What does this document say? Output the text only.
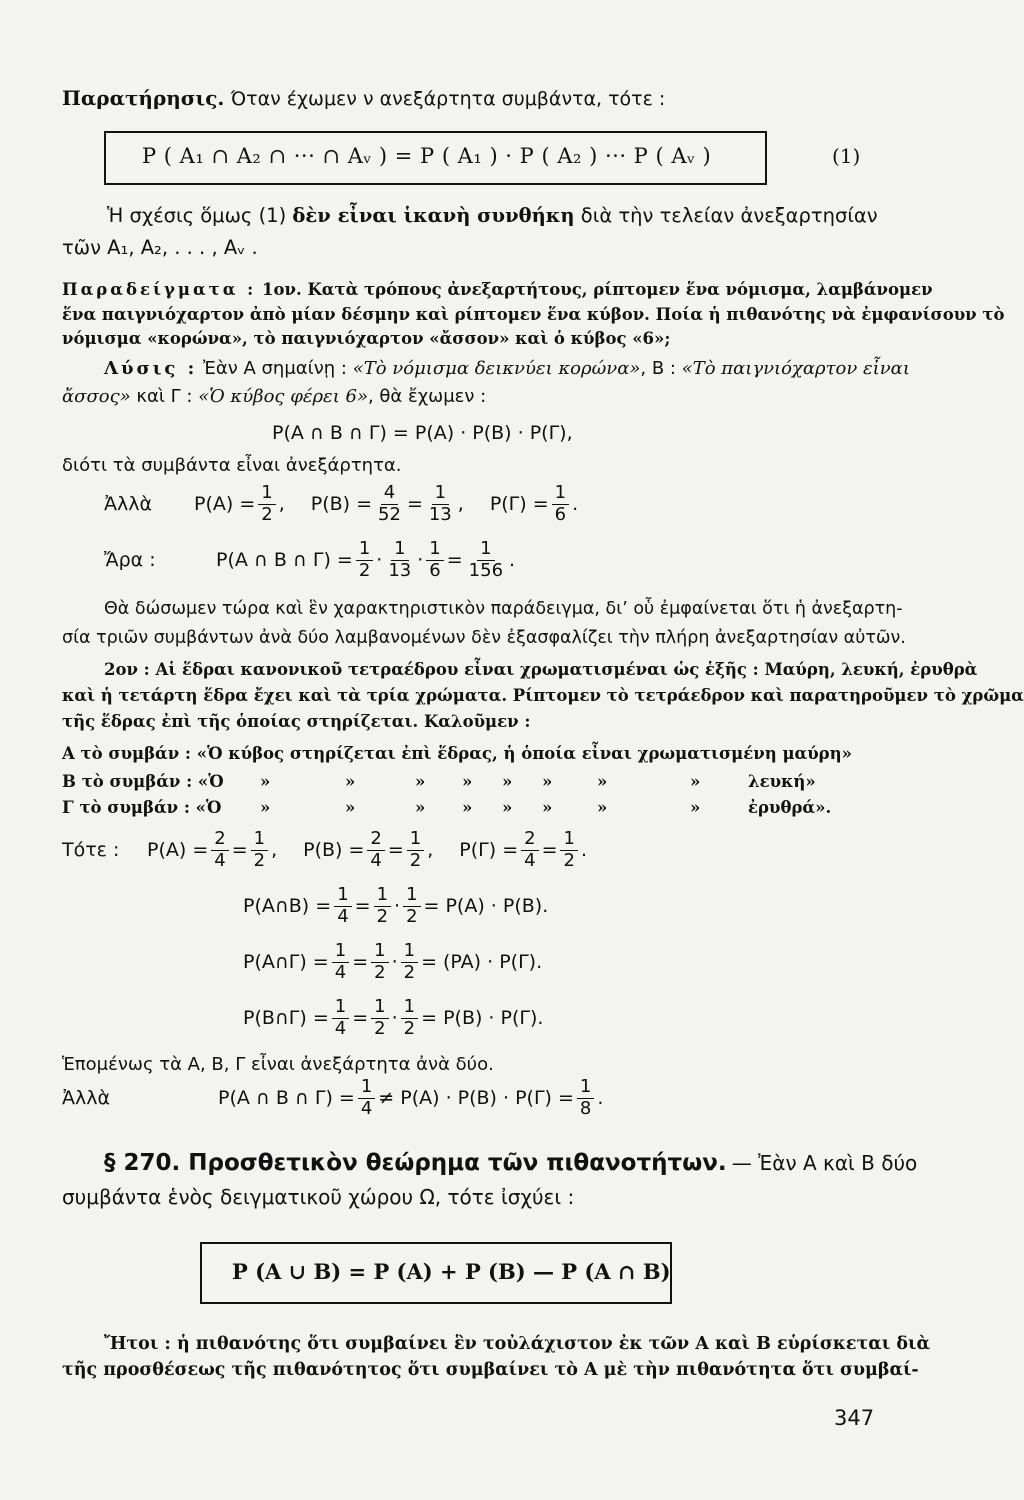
Παρατήρησις. Όταν έχωμεν ν ανεξάρτητα συμβάντα, τότε :
P ( A₁ ∩ A₂ ∩ ··· ∩ Aᵥ ) = P ( A₁ ) · P ( A₂ ) ··· P ( Aᵥ )	(1)
Ἡ σχέσις ὅμως (1) δὲν εἶναι ἱκανὴ συνθήκη διὰ τὴν τελείαν ἀνεξαρτησίαν
τῶν A₁, A₂, . . . , Aᵥ .
Παραδείγματα : 1ον. Κατὰ τρόπους ἀνεξαρτήτους, ρίπτομεν ἕνα νόμισμα, λαμβάνομεν
ἕνα παιγνιόχαρτον ἀπὸ μίαν δέσμην καὶ ρίπτομεν ἕνα κύβον. Ποία ἡ πιθανότης νὰ ἐμφανίσουν τὸ
νόμισμα «κορώνα», τὸ παιγνιόχαρτον «ἄσσον» καὶ ὁ κύβος «6»;
Λύσις : Ἐὰν A σημαίνῃ : «Τὸ νόμισμα δεικνύει κορώνα», B : «Τὸ παιγνιόχαρτον εἶναι
ἄσσος» καὶ Γ : «Ὁ κύβος φέρει 6», θὰ ἔχωμεν :
P(A ∩ B ∩ Γ) = P(A) · P(B) · P(Γ),
διότι τὰ συμβάντα εἶναι ἀνεξάρτητα.
Ἀλλὰ	$P(A) = \frac{1}{2}$ , $P(B) = \frac{4}{52} = \frac{1}{13}$ , $P(\Gamma) = \frac{1}{6}$ .
Ἄρα :	P(A ∩ B ∩ $\Gamma) = \frac{1}{2} \cdot \frac{1}{13} \cdot \frac{1}{6} = \frac{1}{156}$ .
Θὰ δώσωμεν τώρα καὶ ἓν χαρακτηριστικὸν παράδειγμα, δι’ οὗ ἐμφαίνεται ὅτι ἡ ἀνεξαρτη-
σία τριῶν συμβάντων ἀνὰ δύο λαμβανομένων δὲν ἐξασφαλίζει τὴν πλήρη ἀνεξαρτησίαν αὐτῶν.
2ον : Αἱ ἕδραι κανονικοῦ τετραέδρου εἶναι χρωματισμέναι ὡς ἑξῆς : Μαύρη, λευκή, ἐρυθρὰ
καὶ ἡ τετάρτη ἕδρα ἔχει καὶ τὰ τρία χρώματα. Ρίπτομεν τὸ τετράεδρον καὶ παρατηροῦμεν τὸ χρῶμα
τῆς ἕδρας ἐπὶ τῆς ὁποίας στηρίζεται. Καλοῦμεν :
A τὸ συμβάν : «Ὁ κύβος στηρίζεται ἐπὶ ἕδρας, ἡ ὁποία εἶναι χρωματισμένη μαύρη»
B τὸ συμβάν : «Ὁ »	»	» » » »	»	»	λευκή»
Γ τὸ συμβάν : «Ὁ »	»	» » » »	»	»	ἐρυθρά».
Τότε :	$P(A) = \frac{2}{4} = \frac{1}{2}$ , $P(B) = \frac{2}{4} = \frac{1}{2}$ , $P(\Gamma) = \frac{2}{4} = \frac{1}{2}$ .
P(A∩B) = $\frac{1}{4} = \frac{1}{2} \cdot \frac{1}{2} = P(A) \cdot P(B)$.
P(A∩Γ) = $\frac{1}{4} = \frac{1}{2} \cdot \frac{1}{2} = (PA) \cdot P(\Gamma)$.
P(B∩Γ) = $\frac{1}{4} = \frac{1}{2} \cdot \frac{1}{2} = P(B) \cdot P(\Gamma)$.
Ἑπομένως τὰ A, B, Γ εἶναι ἀνεξάρτητα ἀνὰ δύο.
Ἀλλὰ	P(A ∩ B ∩ $\Gamma) = \frac{1}{4} \ne P(A) \cdot P(B) \cdot P(\Gamma) = \frac{1}{8}$ .
§ 270. Προσθετικὸν θεώρημα τῶν πιθανοτήτων. — Ἐὰν A καὶ B δύο
συμβάντα ἑνὸς δειγματικοῦ χώρου Ω, τότε ἰσχύει :
P (A ∪ B) = P (A) + P (B) — P (A ∩ B)
Ἤτοι : ἡ πιθανότης ὅτι συμβαίνει ἓν τοὐλάχιστον ἐκ τῶν A καὶ B εὑρίσκεται διὰ
τῆς προσθέσεως τῆς πιθανότητος ὅτι συμβαίνει τὸ A μὲ τὴν πιθανότητα ὅτι συμβαί-
347
